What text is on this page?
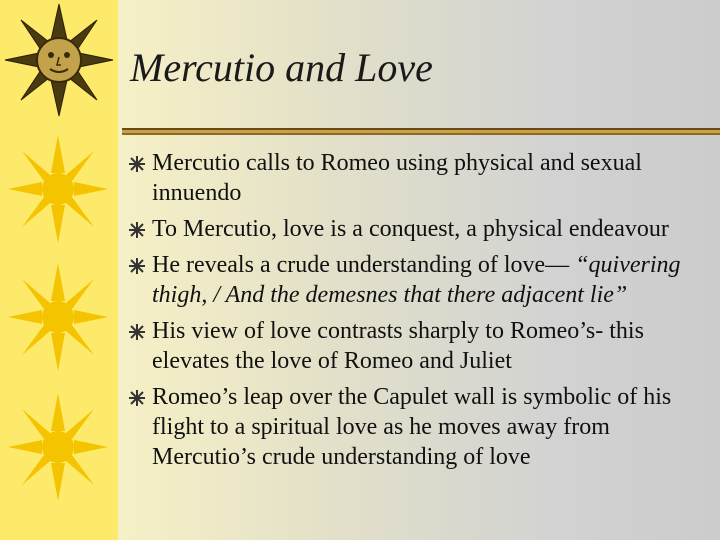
Mercutio and Love
Mercutio calls to Romeo using physical and sexual innuendo
To Mercutio, love is a conquest, a physical endeavour
He reveals a crude understanding of love— “quivering thigh, / And the demesnes that there adjacent lie”
His view of love contrasts sharply to Romeo’s- this elevates the love of Romeo and Juliet
Romeo’s leap over the Capulet wall is symbolic of his flight to a spiritual love as he moves away from Mercutio’s crude understanding of love
